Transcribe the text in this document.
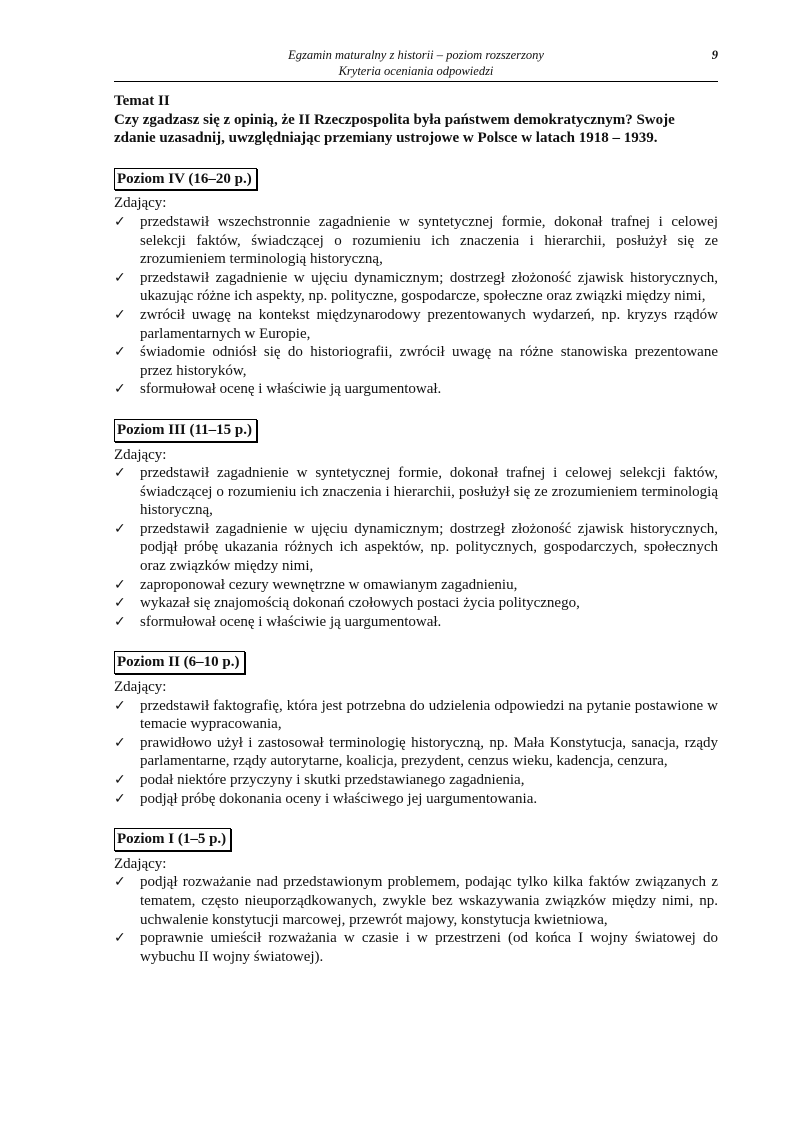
Egzamin maturalny z historii – poziom rozszerzony
Kryteria oceniania odpowiedzi
9

Temat II

Czy zgadzasz się z opinią, że II Rzeczpospolita była państwem demokratycznym? Swoje zdanie uzasadnij, uwzględniając przemiany ustrojowe w Polsce w latach 1918 – 1939.

Poziom IV (16–20 p.)

Zdający:

✓ przedstawił wszechstronnie zagadnienie w syntetycznej formie, dokonał trafnej i celowej selekcji faktów, świadczącej o rozumieniu ich znaczenia i hierarchii, posłużył się ze zrozumieniem terminologią historyczną,
✓ przedstawił zagadnienie w ujęciu dynamicznym; dostrzegł złożoność zjawisk historycznych, ukazując różne ich aspekty, np. polityczne, gospodarcze, społeczne oraz związki między nimi,
✓ zwrócił uwagę na kontekst międzynarodowy prezentowanych wydarzeń, np. kryzys rządów parlamentarnych w Europie,
✓ świadomie odniósł się do historiografii, zwrócił uwagę na różne stanowiska prezentowane przez historyków,
✓ sformułował ocenę i właściwie ją uargumentował.
Poziom III (11–15 p.)

Zdający:

✓ przedstawił zagadnienie w syntetycznej formie, dokonał trafnej i celowej selekcji faktów, świadczącej o rozumieniu ich znaczenia i hierarchii, posłużył się ze zrozumieniem terminologią historyczną,
✓ przedstawił zagadnienie w ujęciu dynamicznym; dostrzegł złożoność zjawisk historycznych, podjął próbę ukazania różnych ich aspektów, np. politycznych, gospodarczych, społecznych oraz związków między nimi,
✓ zaproponował cezury wewnętrzne w omawianym zagadnieniu,
✓ wykazał się znajomością dokonań czołowych postaci życia politycznego,
✓ sformułował ocenę i właściwie ją uargumentował.
Poziom II (6–10 p.)

Zdający:

✓ przedstawił faktografię, która jest potrzebna do udzielenia odpowiedzi na pytanie postawione w temacie wypracowania,
✓ prawidłowo użył i zastosował terminologię historyczną, np. Mała Konstytucja, sanacja, rządy parlamentarne, rządy autorytarne, koalicja, prezydent, cenzus wieku, kadencja, cenzura,
✓ podał niektóre przyczyny i skutki przedstawianego zagadnienia,
✓ podjął próbę dokonania oceny i właściwego jej uargumentowania.
Poziom I (1–5 p.)

Zdający:

✓ podjął rozważanie nad przedstawionym problemem, podając tylko kilka faktów związanych z tematem, często nieuporządkowanych, zwykle bez wskazywania związków między nimi, np. uchwalenie konstytucji marcowej, przewrót majowy, konstytucja kwietniowa,
✓ poprawnie umieścił rozważania w czasie i w przestrzeni (od końca I wojny światowej do wybuchu II wojny światowej).
